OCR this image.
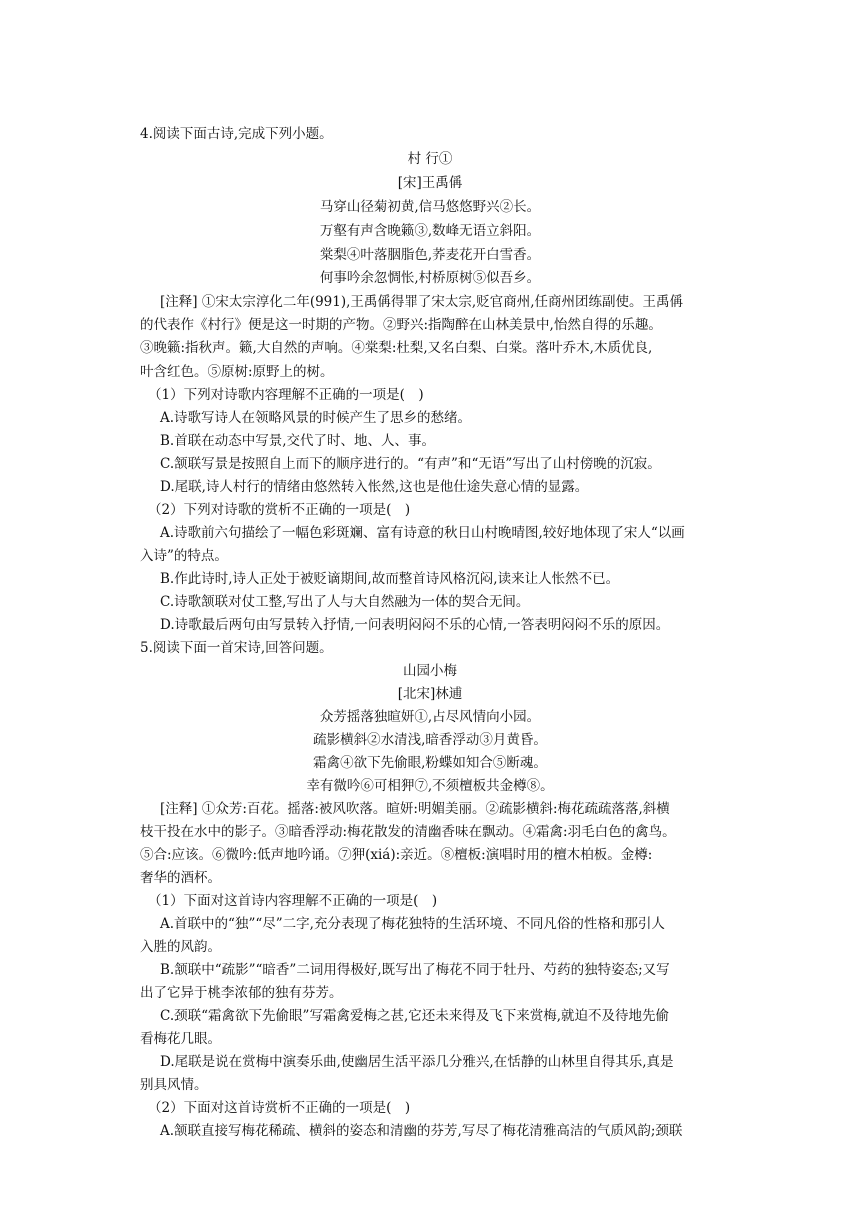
4.阅读下面古诗,完成下列小题。
村 行①
[宋]王禹偁
马穿山径菊初黄,信马悠悠野兴②长。
万壑有声含晚籁③,数峰无语立斜阳。
棠梨④叶落胭脂色,荞麦花开白雪香。
何事吟余忽惆怅,村桥原树⑤似吾乡。
[注释] ①宋太宗淳化二年(991),王禹偁得罪了宋太宗,贬官商州,任商州团练副使。王禹偁
的代表作《村行》便是这一时期的产物。②野兴:指陶醉在山林美景中,怡然自得的乐趣。
③晚籁:指秋声。籁,大自然的声响。④棠梨:杜梨,又名白梨、白棠。落叶乔木,木质优良,
叶含红色。⑤原树:原野上的树。
（1）下列对诗歌内容理解不正确的一项是(　)
A.诗歌写诗人在领略风景的时候产生了思乡的愁绪。
B.首联在动态中写景,交代了时、地、人、事。
C.颔联写景是按照自上而下的顺序进行的。“有声”和“无语”写出了山村傍晚的沉寂。
D.尾联,诗人村行的情绪由悠然转入怅然,这也是他仕途失意心情的显露。
（2）下列对诗歌的赏析不正确的一项是(　)
A.诗歌前六句描绘了一幅色彩斑斓、富有诗意的秋日山村晚晴图,较好地体现了宋人“以画
入诗”的特点。
B.作此诗时,诗人正处于被贬谪期间,故而整首诗风格沉闷,读来让人怅然不已。
C.诗歌颔联对仗工整,写出了人与大自然融为一体的契合无间。
D.诗歌最后两句由写景转入抒情,一问表明闷闷不乐的心情,一答表明闷闷不乐的原因。
5.阅读下面一首宋诗,回答问题。
山园小梅
[北宋]林逋
众芳摇落独暄妍①,占尽风情向小园。
疏影横斜②水清浅,暗香浮动③月黄昏。
霜禽④欲下先偷眼,粉蝶如知合⑤断魂。
幸有微吟⑥可相狎⑦,不须檀板共金樽⑧。
[注释] ①众芳:百花。摇落:被风吹落。暄妍:明媚美丽。②疏影横斜:梅花疏疏落落,斜横
枝干投在水中的影子。③暗香浮动:梅花散发的清幽香味在飘动。④霜禽:羽毛白色的禽鸟。
⑤合:应该。⑥微吟:低声地吟诵。⑦狎(xiá):亲近。⑧檀板:演唱时用的檀木柏板。金樽:
奢华的酒杯。
（1）下面对这首诗内容理解不正确的一项是(　)
A.首联中的“独”“尽”二字,充分表现了梅花独特的生活环境、不同凡俗的性格和那引人
入胜的风韵。
B.颔联中“疏影”“暗香”二词用得极好,既写出了梅花不同于牡丹、芍药的独特姿态;又写
出了它异于桃李浓郁的独有芬芳。
C.颈联“霜禽欲下先偷眼”写霜禽爱梅之甚,它还未来得及飞下来赏梅,就迫不及待地先偷
看梅花几眼。
D.尾联是说在赏梅中演奏乐曲,使幽居生活平添几分雅兴,在恬静的山林里自得其乐,真是
别具风情。
（2）下面对这首诗赏析不正确的一项是(　)
A.颔联直接写梅花稀疏、横斜的姿态和清幽的芬芳,写尽了梅花清雅高洁的气质风韵;颈联
